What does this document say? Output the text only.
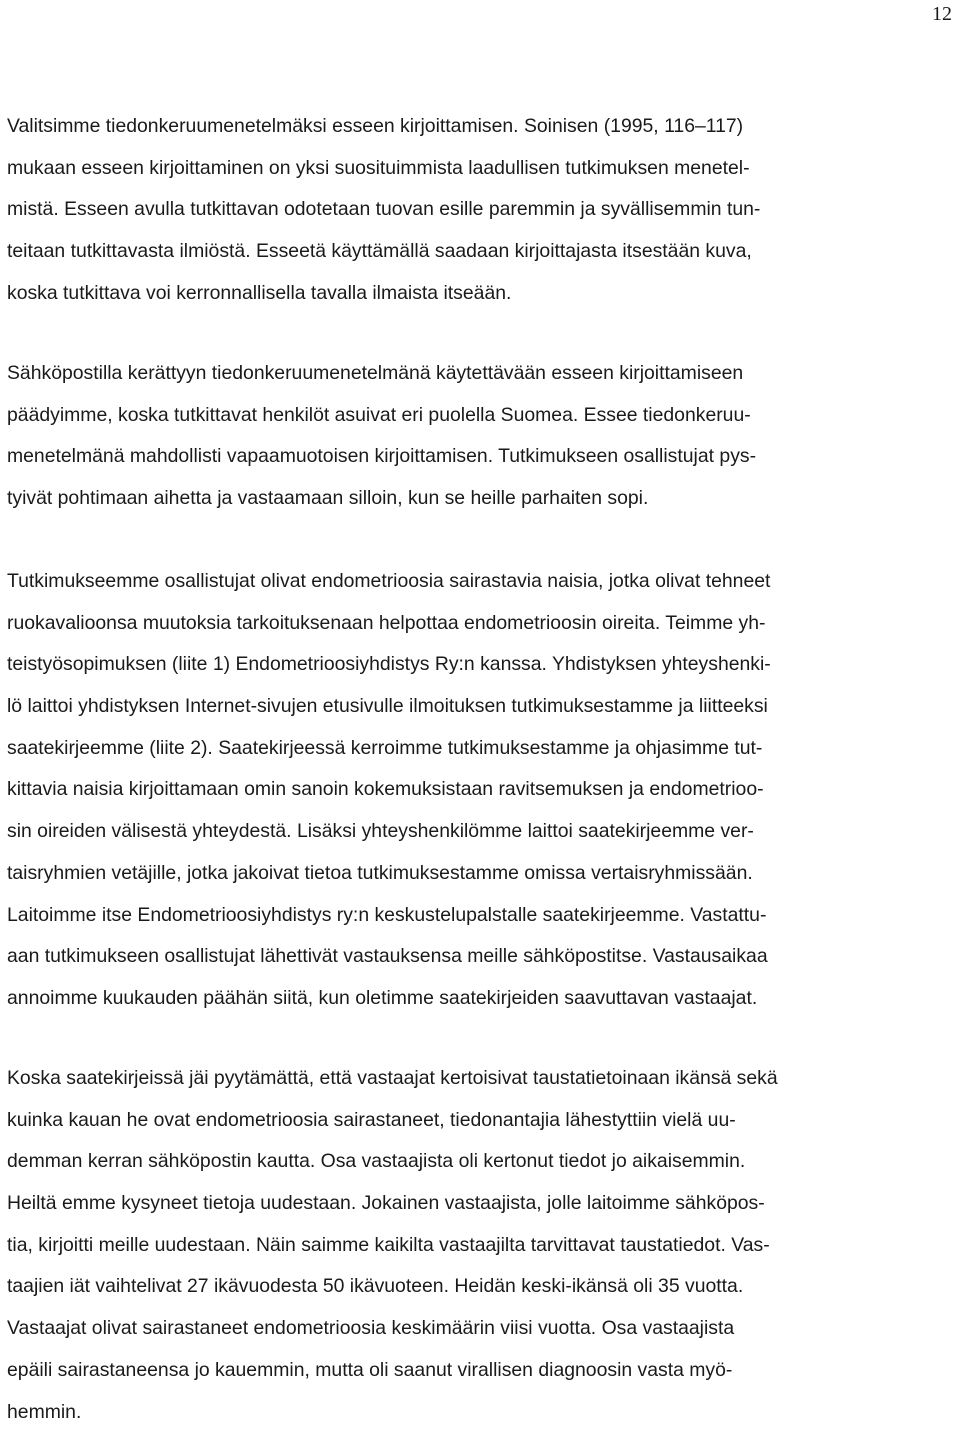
12
Valitsimme tiedonkeruumenetelmäksi esseen kirjoittamisen. Soinisen (1995, 116–117)
mukaan esseen kirjoittaminen on yksi suosituimmista laadullisen tutkimuksen menetel-
mistä. Esseen avulla tutkittavan odotetaan tuovan esille paremmin ja syvällisemmin tun-
teitaan tutkittavasta ilmiöstä. Esseetä käyttämällä saadaan kirjoittajasta itsestään kuva,
koska tutkittava voi kerronnallisella tavalla ilmaista itseään.
Sähköpostilla kerättyyn tiedonkeruumenetelmänä käytettävään esseen kirjoittamiseen
päädyimme, koska tutkittavat henkilöt asuivat eri puolella Suomea. Essee tiedonkeruu-
menetelmänä mahdollisti vapaamuotoisen kirjoittamisen. Tutkimukseen osallistujat pys-
tyivät pohtimaan aihetta ja vastaamaan silloin, kun se heille parhaiten sopi.
Tutkimukseemme osallistujat olivat endometrioosia sairastavia naisia, jotka olivat tehneet
ruokavalioonsa muutoksia tarkoituksenaan helpottaa endometrioosin oireita. Teimme yh-
teistyösopimuksen (liite 1) Endometrioosiyhdistys Ry:n kanssa. Yhdistyksen yhteyshenki-
lö laittoi yhdistyksen Internet-sivujen etusivulle ilmoituksen tutkimuksestamme ja liitteeksi
saatekirjeemme (liite 2). Saatekirjeessä kerroimme tutkimuksestamme ja ohjasimme tut-
kittavia naisia kirjoittamaan omin sanoin kokemuksistaan ravitsemuksen ja endometrioo-
sin oireiden välisestä yhteydestä. Lisäksi yhteyshenkilömme laittoi saatekirjeemme ver-
taisryhmien vetäjille, jotka jakoivat tietoa tutkimuksestamme omissa vertaisryhmissään.
Laitoimme itse Endometrioosiyhdistys ry:n keskustelupalstalle saatekirjeemme. Vastattu-
aan tutkimukseen osallistujat lähettivät vastauksensa meille sähköpostitse. Vastausaikaa
annoimme kuukauden päähän siitä, kun oletimme saatekirjeiden saavuttavan vastaajat.
Koska saatekirjeissä jäi pyytämättä, että vastaajat kertoisivat taustatietoinaan ikänsä sekä
kuinka kauan he ovat endometrioosia sairastaneet, tiedonantajia lähestyttiin vielä uu-
demman kerran sähköpostin kautta. Osa vastaajista oli kertonut tiedot jo aikaisemmin.
Heiltä emme kysyneet tietoja uudestaan. Jokainen vastaajista, jolle laitoimme sähköpos-
tia, kirjoitti meille uudestaan. Näin saimme kaikilta vastaajilta tarvittavat taustatiedot. Vas-
taajien iät vaihtelivat 27 ikävuodesta 50 ikävuoteen. Heidän keski-ikänsä oli 35 vuotta.
Vastaajat olivat sairastaneet endometrioosia keskimäärin viisi vuotta. Osa vastaajista
epäili sairastaneensa jo kauemmin, mutta oli saanut virallisen diagnoosin vasta myö-
hemmin.
